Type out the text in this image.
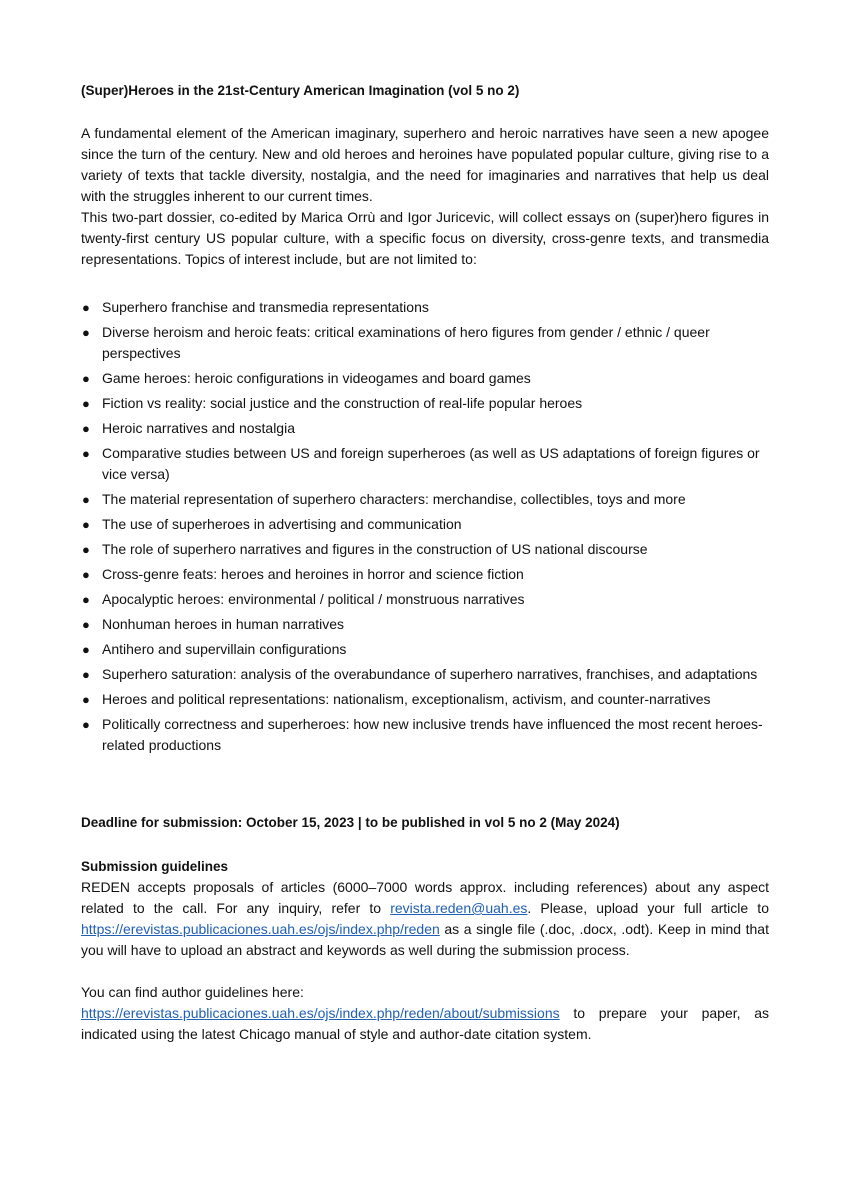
(Super)Heroes in the 21st-Century American Imagination (vol 5 no 2)

A fundamental element of the American imaginary, superhero and heroic narratives have seen a new apogee since the turn of the century. New and old heroes and heroines have populated popular culture, giving rise to a variety of texts that tackle diversity, nostalgia, and the need for imaginaries and narratives that help us deal with the struggles inherent to our current times.

This two-part dossier, co-edited by Marica Orrù and Igor Juricevic, will collect essays on (super)hero figures in twenty-first century US popular culture, with a specific focus on diversity, cross-genre texts, and transmedia representations. Topics of interest include, but are not limited to:

● Superhero franchise and transmedia representations
● Diverse heroism and heroic feats: critical examinations of hero figures from gender / ethnic / queer perspectives
● Game heroes: heroic configurations in videogames and board games
● Fiction vs reality: social justice and the construction of real-life popular heroes
● Heroic narratives and nostalgia
● Comparative studies between US and foreign superheroes (as well as US adaptations of foreign figures or vice versa)
● The material representation of superhero characters: merchandise, collectibles, toys and more
● The use of superheroes in advertising and communication
● The role of superhero narratives and figures in the construction of US national discourse
● Cross-genre feats: heroes and heroines in horror and science fiction
● Apocalyptic heroes: environmental / political / monstruous narratives
● Nonhuman heroes in human narratives
● Antihero and supervillain configurations
● Superhero saturation: analysis of the overabundance of superhero narratives, franchises, and adaptations
● Heroes and political representations: nationalism, exceptionalism, activism, and counter-narratives
● Politically correctness and superheroes: how new inclusive trends have influenced the most recent heroes-related productions

Deadline for submission: October 15, 2023 | to be published in vol 5 no 2 (May 2024)

Submission guidelines

REDEN accepts proposals of articles (6000–7000 words approx. including references) about any aspect related to the call. For any inquiry, refer to revista.reden@uah.es. Please, upload your full article to https://erevistas.publicaciones.uah.es/ojs/index.php/reden as a single file (.doc, .docx, .odt). Keep in mind that you will have to upload an abstract and keywords as well during the submission process.

You can find author guidelines here:

https://erevistas.publicaciones.uah.es/ojs/index.php/reden/about/submissions to prepare your paper, as indicated using the latest Chicago manual of style and author-date citation system.
